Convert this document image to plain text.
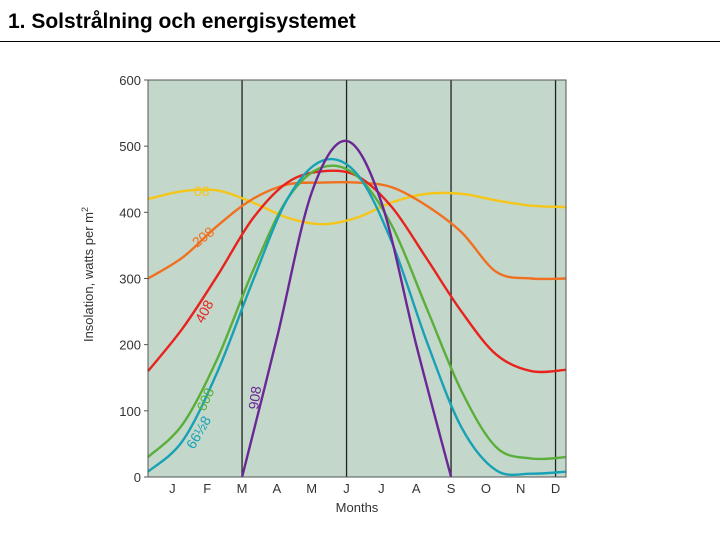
1. Solstrålning och energisystemet
0
100
200
300
400
500
600
J F M A M J J A S O N D
08
208
408
608
66½8
908
Insolation, watts per $m^2$
Months
